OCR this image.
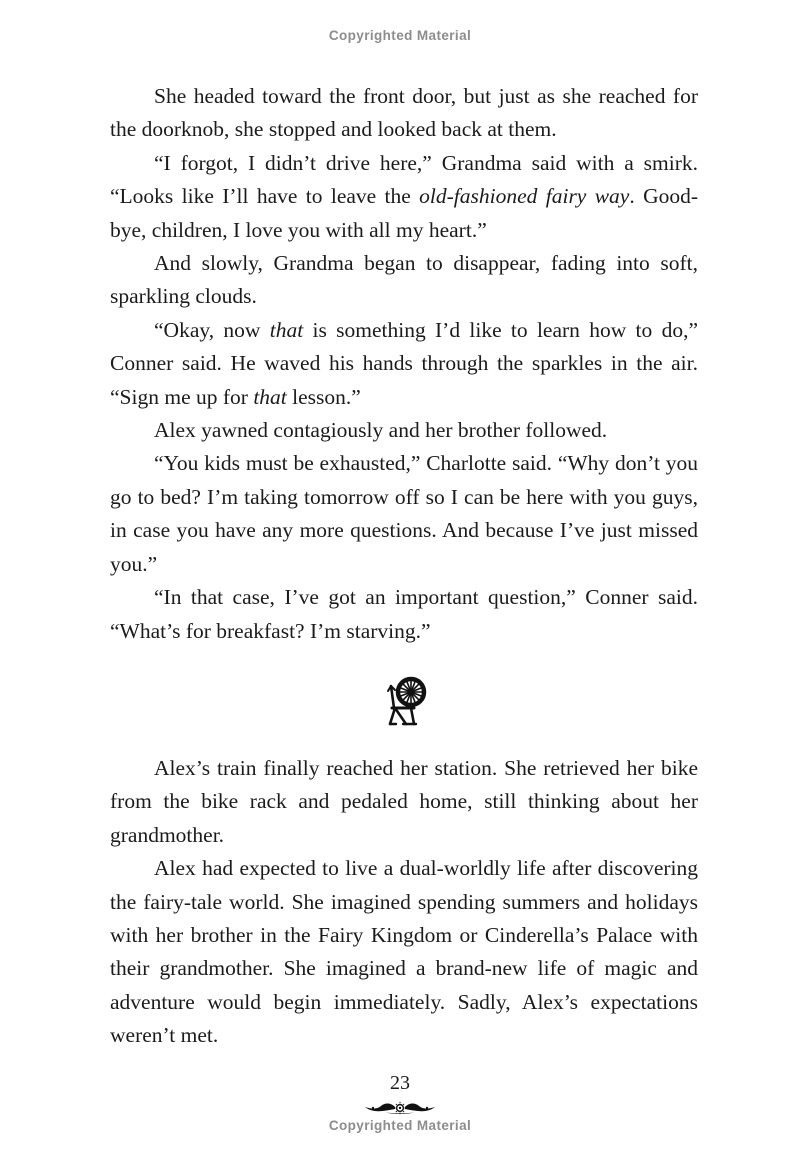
Copyrighted Material

She headed toward the front door, but just as she reached for the doorknob, she stopped and looked back at them.

“I forgot, I didn’t drive here,” Grandma said with a smirk. “Looks like I’ll have to leave the old-fashioned fairy way. Good-bye, children, I love you with all my heart.”

And slowly, Grandma began to disappear, fading into soft, sparkling clouds.

“Okay, now that is something I’d like to learn how to do,” Conner said. He waved his hands through the sparkles in the air. “Sign me up for that lesson.”

Alex yawned contagiously and her brother followed.

“You kids must be exhausted,” Charlotte said. “Why don’t you go to bed? I’m taking tomorrow off so I can be here with you guys, in case you have any more questions. And because I’ve just missed you.”

“In that case, I’ve got an important question,” Conner said. “What’s for breakfast? I’m starving.”

Alex’s train finally reached her station. She retrieved her bike from the bike rack and pedaled home, still thinking about her grandmother.

Alex had expected to live a dual-worldly life after discovering the fairy-tale world. She imagined spending summers and holidays with her brother in the Fairy Kingdom or Cinderella’s Palace with their grandmother. She imagined a brand-new life of magic and adventure would begin immediately. Sadly, Alex’s expectations weren’t met.

23
Copyrighted Material
